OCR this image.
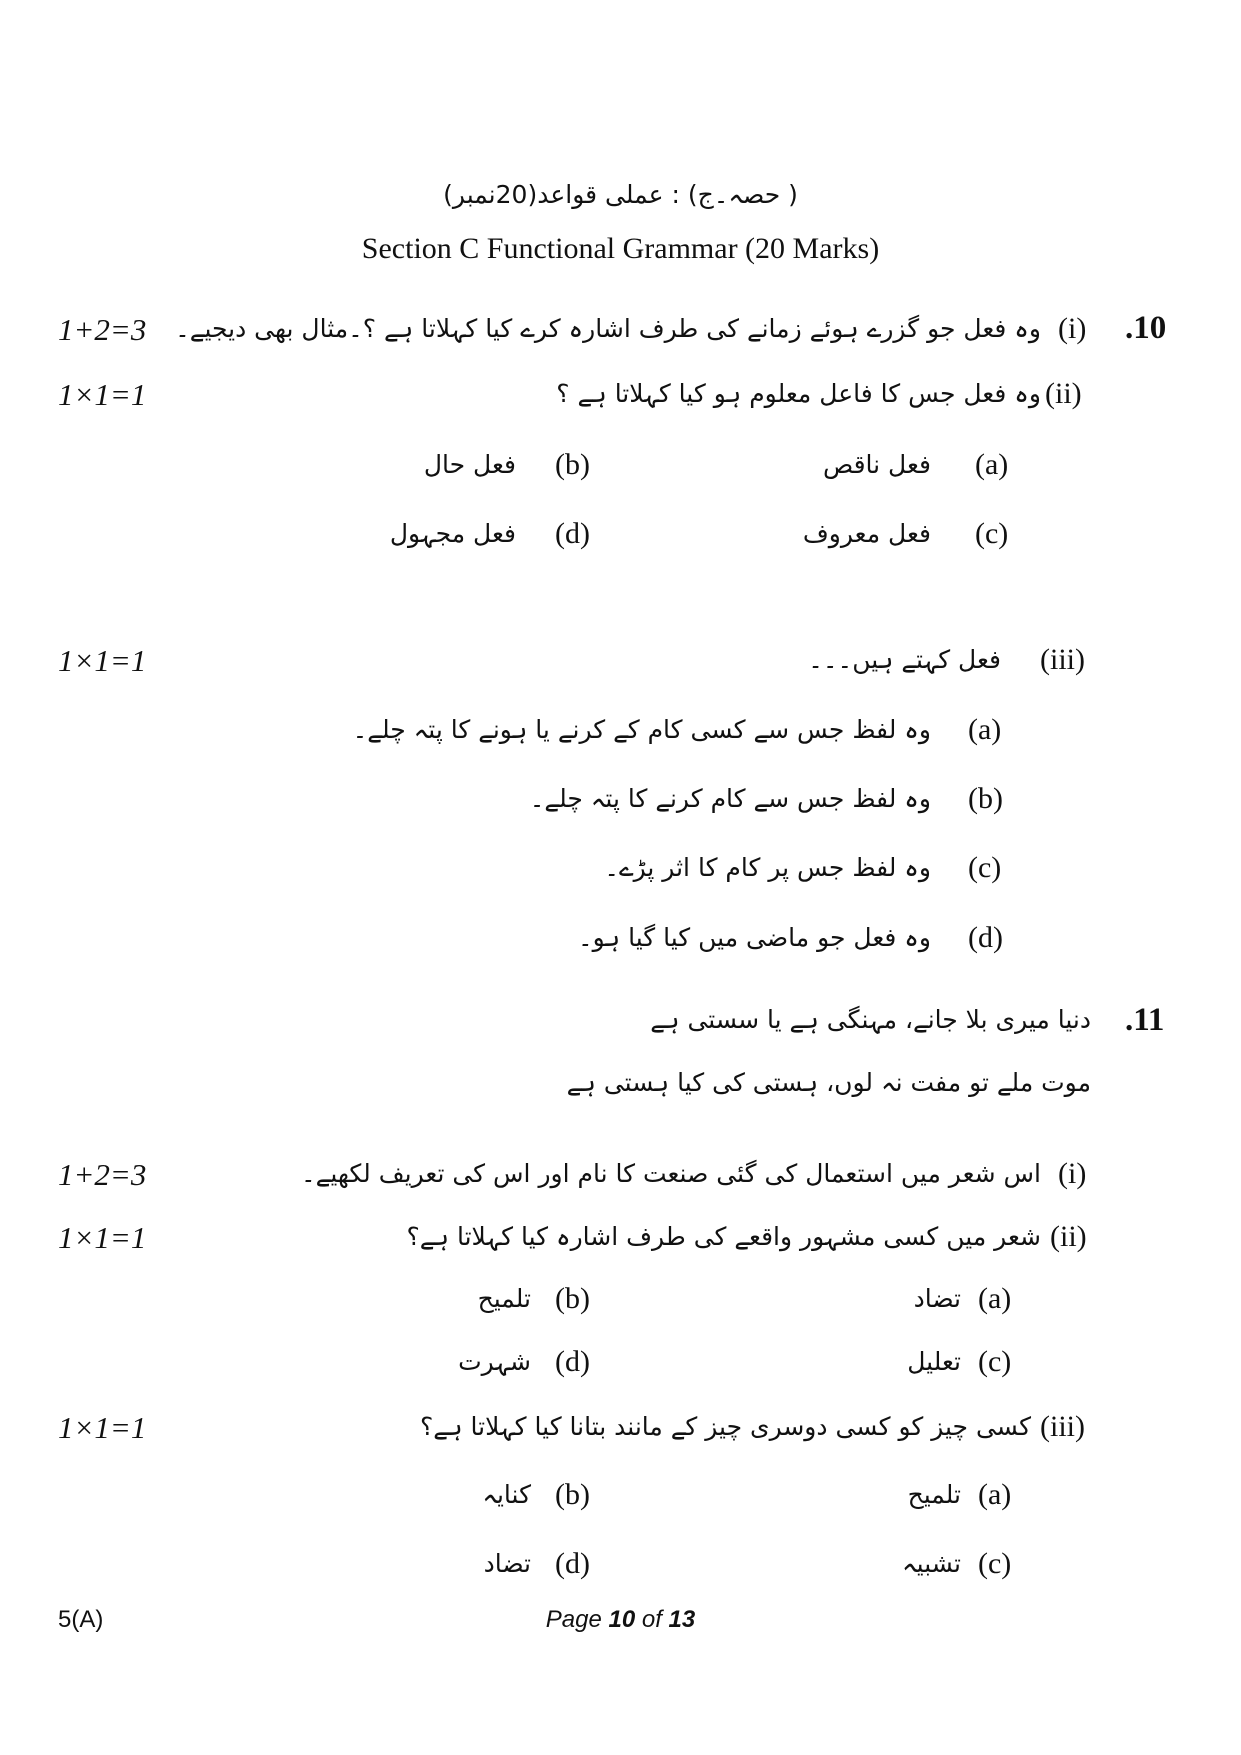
( حصہ۔ج) : عملی قواعد(20نمبر)
Section C Functional Grammar (20 Marks)
.10
1+2=3	(i)
وہ فعل جو گزرے ہوئے زمانے کی طرف اشارہ کرے کیا کہلاتا ہے ؟۔مثال بھی دیجیے۔
1×1=1	(ii)
وہ فعل جس کا فاعل معلوم ہو کیا کہلاتا ہے ؟
(a)
فعل ناقص
(b)
فعل حال
(c)
فعل معروف
(d)
فعل مجہول
1×1=1	(iii)
فعل کہتے ہیں۔۔۔
(a)
وہ لفظ جس سے کسی کام کے کرنے یا ہونے کا پتہ چلے۔
(b)
وہ لفظ جس سے کام کرنے کا پتہ چلے۔
(c)
وہ لفظ جس پر کام کا اثر پڑے۔
(d)
وہ فعل جو ماضی میں کیا گیا ہو۔
.11
دنیا میری بلا جانے، مہنگی ہے یا سستی ہے
موت ملے تو مفت نہ لوں، ہستی کی کیا ہستی ہے
1+2=3	(i)
اس شعر میں استعمال کی گئی صنعت کا نام اور اس کی تعریف لکھیے۔
1×1=1	(ii)
شعر میں کسی مشہور واقعے کی طرف اشارہ کیا کہلاتا ہے؟
(a)
تضاد
(b)
تلمیح
(c)
تعلیل
(d)
شہرت
1×1=1	(iii)
کسی چیز کو کسی دوسری چیز کے مانند بتانا کیا کہلاتا ہے؟
(a)
تلمیح
(b)
کنایہ
(c)
تشبیہ
(d)
تضاد
5(A)	Page 10 of 13
